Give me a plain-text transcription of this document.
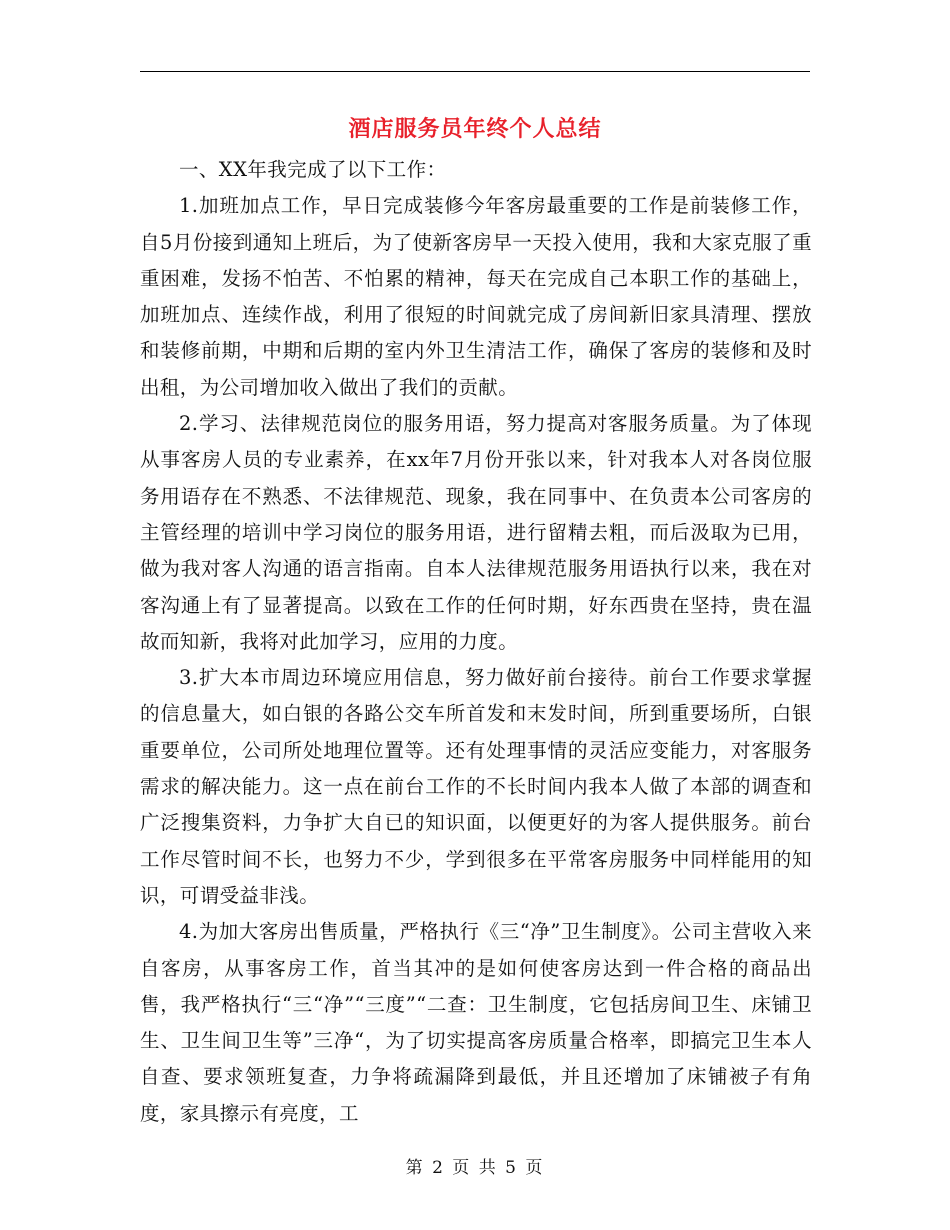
酒店服务员年终个人总结

一、XX年我完成了以下工作：

1.加班加点工作，早日完成装修今年客房最重要的工作是前装修工作，自5月份接到通知上班后，为了使新客房早一天投入使用，我和大家克服了重重困难，发扬不怕苦、不怕累的精神，每天在完成自己本职工作的基础上，加班加点、连续作战，利用了很短的时间就完成了房间新旧家具清理、摆放和装修前期，中期和后期的室内外卫生清洁工作，确保了客房的装修和及时出租，为公司增加收入做出了我们的贡献。

2.学习、法律规范岗位的服务用语，努力提高对客服务质量。为了体现从事客房人员的专业素养，在xx年7月份开张以来，针对我本人对各岗位服务用语存在不熟悉、不法律规范、现象，我在同事中、在负责本公司客房的主管经理的培训中学习岗位的服务用语，进行留精去粗，而后汲取为已用，做为我对客人沟通的语言指南。自本人法律规范服务用语执行以来，我在对客沟通上有了显著提高。以致在工作的任何时期，好东西贵在坚持，贵在温故而知新，我将对此加学习，应用的力度。

3.扩大本市周边环境应用信息，努力做好前台接待。前台工作要求掌握的信息量大，如白银的各路公交车所首发和末发时间，所到重要场所，白银重要单位，公司所处地理位置等。还有处理事情的灵活应变能力，对客服务需求的解决能力。这一点在前台工作的不长时间内我本人做了本部的调查和广泛搜集资料，力争扩大自已的知识面，以便更好的为客人提供服务。前台工作尽管时间不长，也努力不少，学到很多在平常客房服务中同样能用的知识，可谓受益非浅。

4.为加大客房出售质量，严格执行《三“净”卫生制度》。公司主营收入来自客房，从事客房工作，首当其冲的是如何使客房达到一件合格的商品出售，我严格执行“三“净”“三度”“二查：卫生制度，它包括房间卫生、床铺卫生、卫生间卫生等”三净“，为了切实提高客房质量合格率，即搞完卫生本人自查、要求领班复查，力争将疏漏降到最低，并且还增加了床铺被子有角度，家具擦示有亮度，工

第 2 页 共 5 页
